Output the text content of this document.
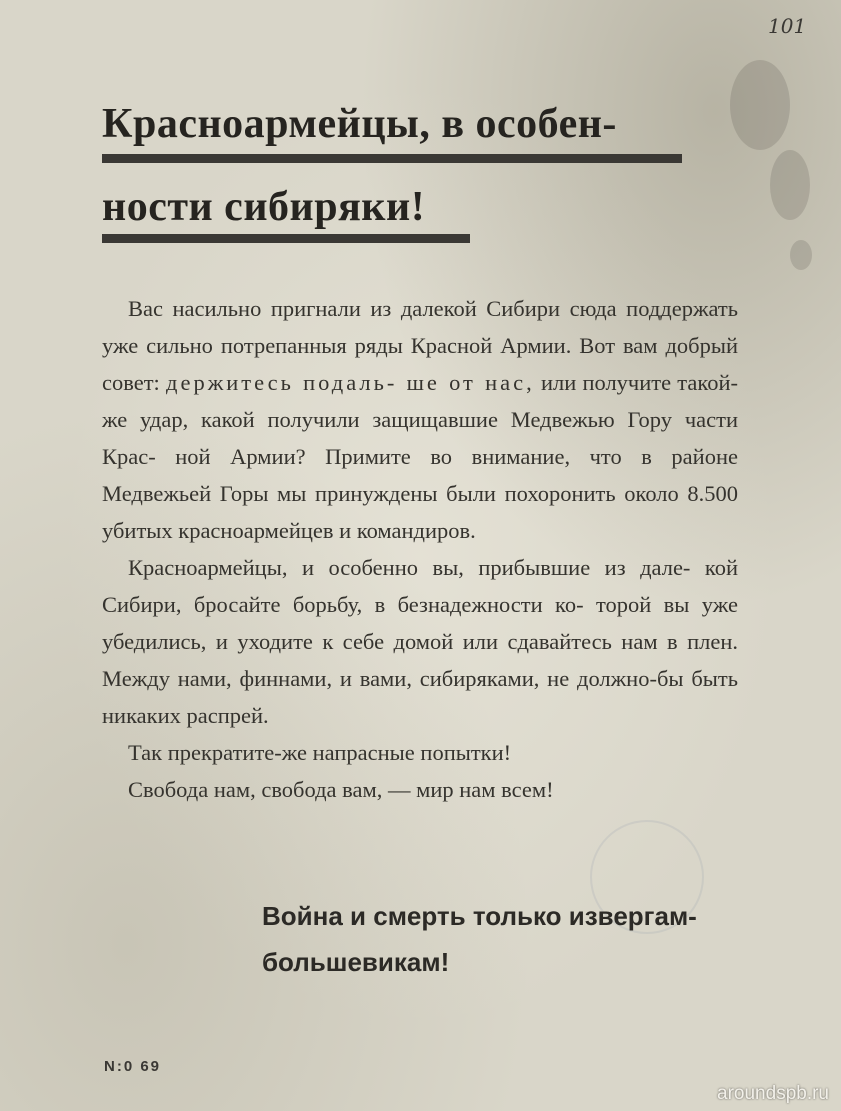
101
Красноармейцы, в особен-
ности сибиряки!

Вас насильно пригнали из далекой Сибири сюда поддержать уже сильно потрепанныя ряды Красной Армии. Вот вам добрый совет: держитесь подаль- ше от нас, или получите такой-же удар, какой получили защищавшие Медвежью Гору части Крас- ной Армии? Примите во внимание, что в районе Медвежьей Горы мы принуждены были похоронить около 8.500 убитых красноармейцев и командиров.

Красноармейцы, и особенно вы, прибывшие из дале- кой Сибири, бросайте борьбу, в безнадежности ко- торой вы уже убедились, и уходите к себе домой или сдавайтесь нам в плен. Между нами, финнами, и вами, сибиряками, не должно-бы быть никаких распрей.

Так прекратите-же напрасные попытки!

Свобода нам, свобода вам, — мир нам всем!

Война и смерть только извергам-
большевикам!
N:0 69
aroundspb.ru
